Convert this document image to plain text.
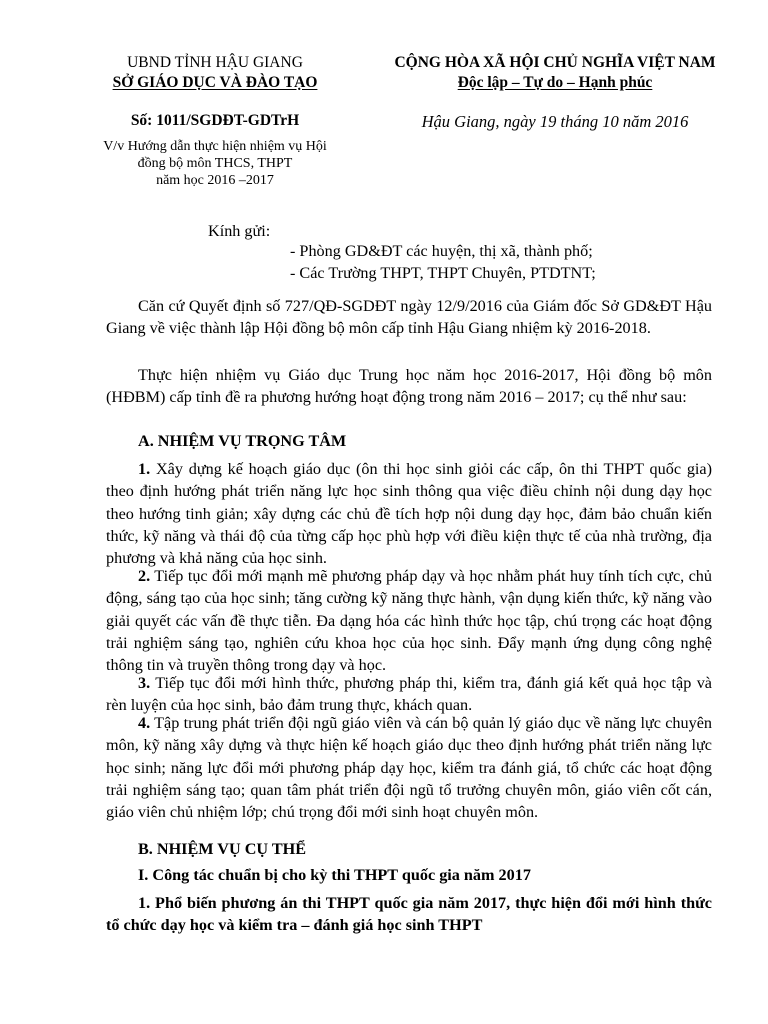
UBND TỈNH HẬU GIANG
SỞ GIÁO DỤC VÀ ĐÀO TẠO
CỘNG HÒA XÃ HỘI CHỦ NGHĨA VIỆT NAM
Độc lập – Tự do – Hạnh phúc
Số: 1011/SGDĐT-GDTrH	Hậu Giang, ngày 19 tháng 10 năm 2016
V/v Hướng dẫn thực hiện nhiệm vụ Hội
đồng bộ môn THCS, THPT
năm học 2016 –2017
Kính gửi:
- Phòng GD&ĐT các huyện, thị xã, thành phố;
- Các Trường THPT, THPT Chuyên, PTDTNT;

Căn cứ Quyết định số 727/QĐ-SGDĐT ngày 12/9/2016 của Giám đốc Sở GD&ĐT Hậu Giang về việc thành lập Hội đồng bộ môn cấp tỉnh Hậu Giang nhiệm kỳ 2016-2018.

Thực hiện nhiệm vụ Giáo dục Trung học năm học 2016-2017, Hội đồng bộ môn (HĐBM) cấp tỉnh đề ra phương hướng hoạt động trong năm 2016 – 2017; cụ thể như sau:

A. NHIỆM VỤ TRỌNG TÂM

1. Xây dựng kế hoạch giáo dục (ôn thi học sinh giỏi các cấp, ôn thi THPT quốc gia) theo định hướng phát triển năng lực học sinh thông qua việc điều chỉnh nội dung dạy học theo hướng tinh giản; xây dựng các chủ đề tích hợp nội dung dạy học, đảm bảo chuẩn kiến thức, kỹ năng và thái độ của từng cấp học phù hợp với điều kiện thực tế của nhà trường, địa phương và khả năng của học sinh.

2. Tiếp tục đổi mới mạnh mẽ phương pháp dạy và học nhằm phát huy tính tích cực, chủ động, sáng tạo của học sinh; tăng cường kỹ năng thực hành, vận dụng kiến thức, kỹ năng vào giải quyết các vấn đề thực tiễn. Đa dạng hóa các hình thức học tập, chú trọng các hoạt động trải nghiệm sáng tạo, nghiên cứu khoa học của học sinh. Đẩy mạnh ứng dụng công nghệ thông tin và truyền thông trong dạy và học.

3. Tiếp tục đổi mới hình thức, phương pháp thi, kiểm tra, đánh giá kết quả học tập và rèn luyện của học sinh, bảo đảm trung thực, khách quan.

4. Tập trung phát triển đội ngũ giáo viên và cán bộ quản lý giáo dục về năng lực chuyên môn, kỹ năng xây dựng và thực hiện kế hoạch giáo dục theo định hướng phát triển năng lực học sinh; năng lực đổi mới phương pháp dạy học, kiểm tra đánh giá, tổ chức các hoạt động trải nghiệm sáng tạo; quan tâm phát triển đội ngũ tổ trưởng chuyên môn, giáo viên cốt cán, giáo viên chủ nhiệm lớp; chú trọng đổi mới sinh hoạt chuyên môn.

B. NHIỆM VỤ CỤ THỂ

I. Công tác chuẩn bị cho kỳ thi THPT quốc gia năm 2017

1. Phổ biến phương án thi THPT quốc gia năm 2017, thực hiện đổi mới hình thức tổ chức dạy học và kiểm tra – đánh giá học sinh THPT
